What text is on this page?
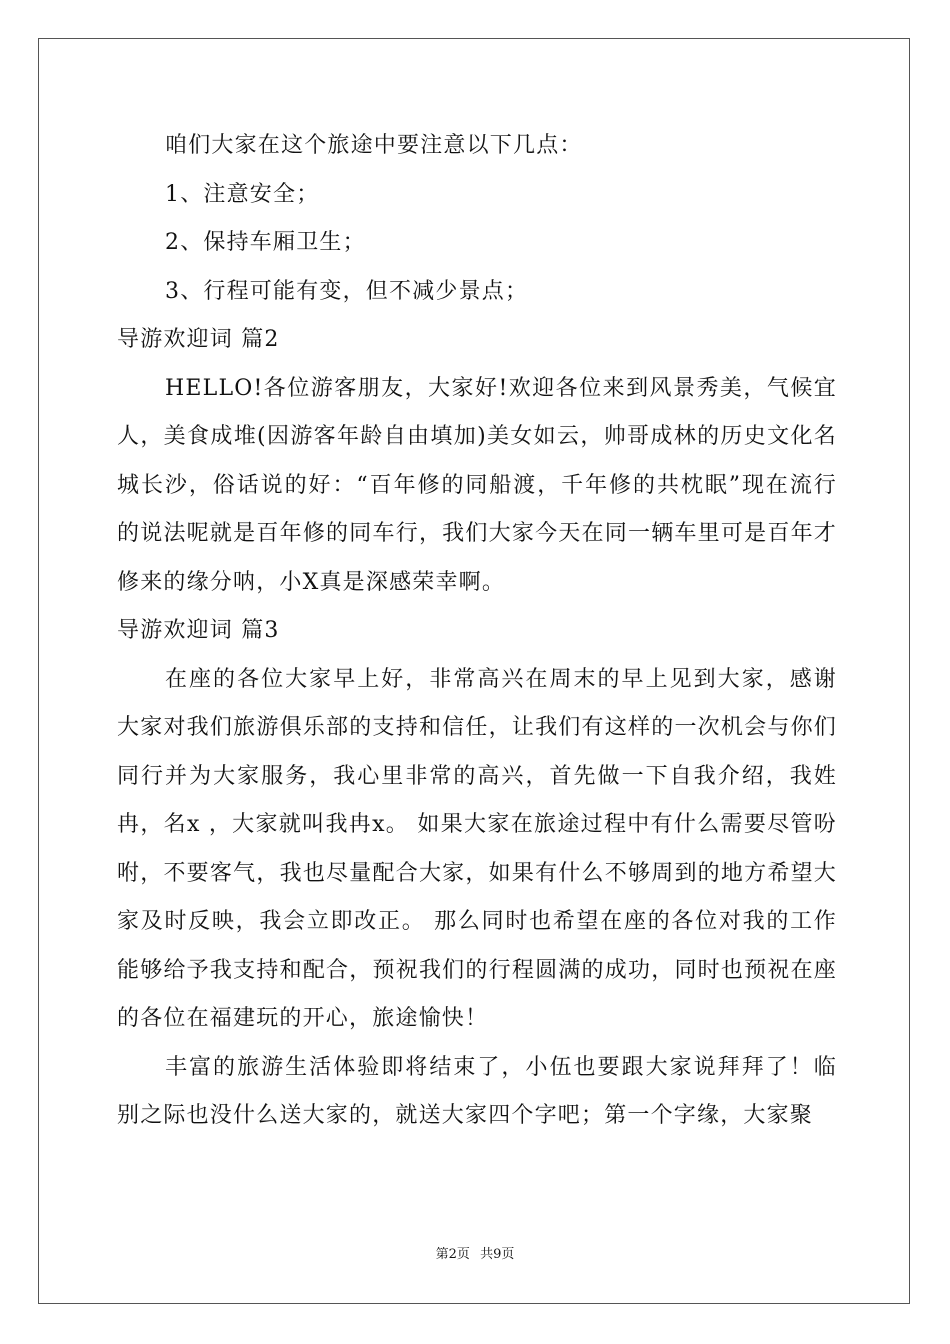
咱们大家在这个旅途中要注意以下几点：

1、注意安全；

2、保持车厢卫生；

3、行程可能有变，但不减少景点；

导游欢迎词 篇2

HELLO!各位游客朋友，大家好!欢迎各位来到风景秀美，气候宜人，美食成堆(因游客年龄自由填加)美女如云，帅哥成林的历史文化名城长沙，俗话说的好：“百年修的同船渡，千年修的共枕眠”现在流行的说法呢就是百年修的同车行，我们大家今天在同一辆车里可是百年才修来的缘分呐，小X真是深感荣幸啊。

导游欢迎词 篇3

在座的各位大家早上好，非常高兴在周末的早上见到大家，感谢大家对我们旅游俱乐部的支持和信任，让我们有这样的一次机会与你们同行并为大家服务，我心里非常的高兴，首先做一下自我介绍，我姓冉，名x ，大家就叫我冉x。 如果大家在旅途过程中有什么需要尽管吩咐，不要客气，我也尽量配合大家，如果有什么不够周到的地方希望大家及时反映，我会立即改正。 那么同时也希望在座的各位对我的工作能够给予我支持和配合，预祝我们的行程圆满的成功，同时也预祝在座的各位在福建玩的开心，旅途愉快！

丰富的旅游生活体验即将结束了，小伍也要跟大家说拜拜了！临别之际也没什么送大家的，就送大家四个字吧；第一个字缘，大家聚

第2页 共9页
